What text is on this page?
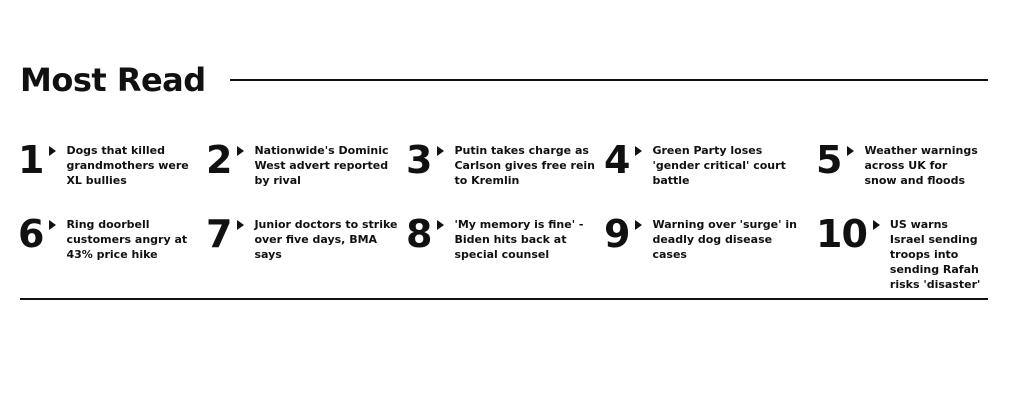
Most Read
1 Dogs that killed grandmothers were XL bullies	2 Nationwide's Dominic West advert reported by rival	3 Putin takes charge as Carlson gives free rein to Kremlin	4 Green Party loses 'gender critical' court battle	5 Weather warnings across UK for snow and floods
6 Ring doorbell customers angry at 43% price hike	7 Junior doctors to strike over five days, BMA says	8 'My memory is fine' - Biden hits back at special counsel	9 Warning over 'surge' in deadly dog disease cases	10 US warns Israel sending troops into sending Rafah risks 'disaster'
